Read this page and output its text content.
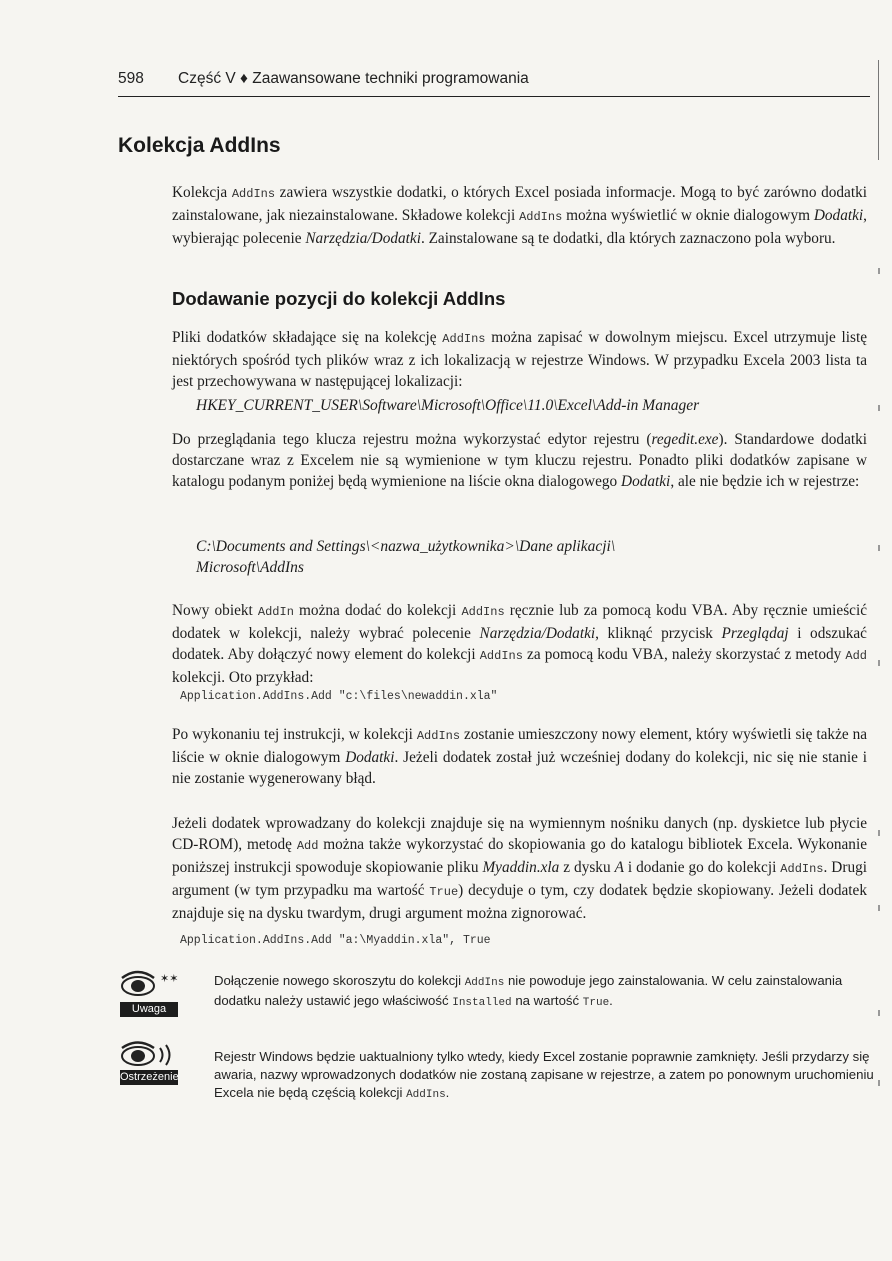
598 Część V ♦ Zaawansowane techniki programowania
Kolekcja AddIns

Kolekcja AddIns zawiera wszystkie dodatki, o których Excel posiada informacje. Mogą to być zarówno dodatki zainstalowane, jak niezainstalowane. Składowe kolekcji AddIns można wyświetlić w oknie dialogowym Dodatki, wybierając polecenie Narzędzia/Dodatki. Zainstalowane są te dodatki, dla których zaznaczono pola wyboru.

Dodawanie pozycji do kolekcji AddIns

Pliki dodatków składające się na kolekcję AddIns można zapisać w dowolnym miejscu. Excel utrzymuje listę niektórych spośród tych plików wraz z ich lokalizacją w rejestrze Windows. W przypadku Excela 2003 lista ta jest przechowywana w następującej lokalizacji:

HKEY_CURRENT_USER\Software\Microsoft\Office\11.0\Excel\Add-in Manager

Do przeglądania tego klucza rejestru można wykorzystać edytor rejestru (regedit.exe). Standardowe dodatki dostarczane wraz z Excelem nie są wymienione w tym kluczu rejestru. Ponadto pliki dodatków zapisane w katalogu podanym poniżej będą wymienione na liście okna dialogowego Dodatki, ale nie będzie ich w rejestrze:

C:\Documents and Settings\<nazwa_użytkownika>\Dane aplikacji\
Microsoft\AddIns

Nowy obiekt AddIn można dodać do kolekcji AddIns ręcznie lub za pomocą kodu VBA. Aby ręcznie umieścić dodatek w kolekcji, należy wybrać polecenie Narzędzia/Dodatki, kliknąć przycisk Przeglądaj i odszukać dodatek. Aby dołączyć nowy element do kolekcji AddIns za pomocą kodu VBA, należy skorzystać z metody Add kolekcji. Oto przykład:

Application.AddIns.Add "c:\files\newaddin.xla"

Po wykonaniu tej instrukcji, w kolekcji AddIns zostanie umieszczony nowy element, który wyświetli się także na liście w oknie dialogowym Dodatki. Jeżeli dodatek został już wcześniej dodany do kolekcji, nic się nie stanie i nie zostanie wygenerowany błąd.

Jeżeli dodatek wprowadzany do kolekcji znajduje się na wymiennym nośniku danych (np. dyskietce lub płycie CD-ROM), metodę Add można także wykorzystać do skopiowania go do katalogu bibliotek Excela. Wykonanie poniższej instrukcji spowoduje skopiowanie pliku Myaddin.xla z dysku A i dodanie go do kolekcji AddIns. Drugi argument (w tym przypadku ma wartość True) decyduje o tym, czy dodatek będzie skopiowany. Jeżeli dodatek znajduje się na dysku twardym, drugi argument można zignorować.

Application.AddIns.Add "a:\Myaddin.xla", True

✶✶
Uwaga

Dołączenie nowego skoroszytu do kolekcji AddIns nie powoduje jego zainstalowania. W celu zainstalowania dodatku należy ustawić jego właściwość Installed na wartość True.

Ostrzeżenie

Rejestr Windows będzie uaktualniony tylko wtedy, kiedy Excel zostanie poprawnie zamknięty. Jeśli przydarzy się awaria, nazwy wprowadzonych dodatków nie zostaną zapisane w rejestrze, a zatem po ponownym uruchomieniu Excela nie będą częścią kolekcji AddIns.
